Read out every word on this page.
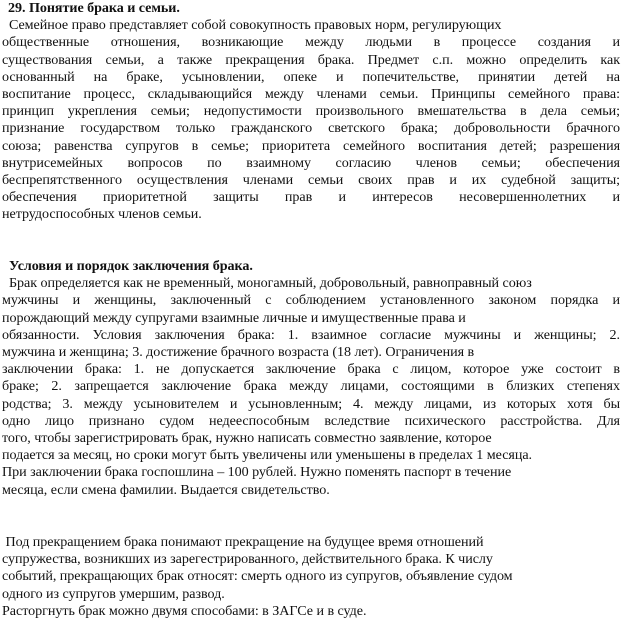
29. Понятие брака и семьи.
Семейное право представляет собой совокупность правовых норм, регулирующих
общественные отношения, возникающие между людьми в процессе создания и
существования семьи, а также прекращения брака. Предмет с.п. можно определить как
основанный на браке, усыновлении, опеке и попечительстве, принятии детей на
воспитание процесс, складывающийся между членами семьи. Принципы семейного права:
принцип укрепления семьи; недопустимости произвольного вмешательства в дела семьи;
признание государством только гражданского светского брака; добровольности брачного
союза; равенства супругов в семье; приоритета семейного воспитания детей; разрешения
внутрисемейных вопросов по взаимному согласию членов семьи; обеспечения
беспрепятственного осуществления членами семьи своих прав и их судебной защиты;
обеспечения приоритетной защиты прав и интересов несовершеннолетних и
нетрудоспособных членов семьи.
Условия и порядок заключения брака.
Брак определяется как не временный, моногамный, добровольный, равноправный союз
мужчины и женщины, заключенный с соблюдением установленного законом порядка и
порождающий между супругами взаимные личные и имущественные права и
обязанности. Условия заключения брака: 1. взаимное согласие мужчины и женщины; 2.
мужчина и женщина; 3. достижение брачного возраста (18 лет). Ограничения в
заключении брака: 1. не допускается заключение брака с лицом, которое уже состоит в
браке; 2. запрещается заключение брака между лицами, состоящими в близких степенях
родства; 3. между усыновителем и усыновленным; 4. между лицами, из которых хотя бы
одно лицо признано судом недееспособным вследствие психического расстройства. Для
того, чтобы зарегистрировать брак, нужно написать совместно заявление, которое
подается за месяц, но сроки могут быть увеличены или уменьшены в пределах 1 месяца.
При заключении брака госпошлина – 100 рублей. Нужно поменять паспорт в течение
месяца, если смена фамилии. Выдается свидетельство.
Под прекращением брака понимают прекращение на будущее время отношений
супружества, возникших из зарегестрированного, действительного брака. К числу
событий, прекращающих брак относят: смерть одного из супругов, объявление судом
одного из супругов умершим, развод.
Расторгнуть брак можно двумя способами: в ЗАГСе и в суде.
